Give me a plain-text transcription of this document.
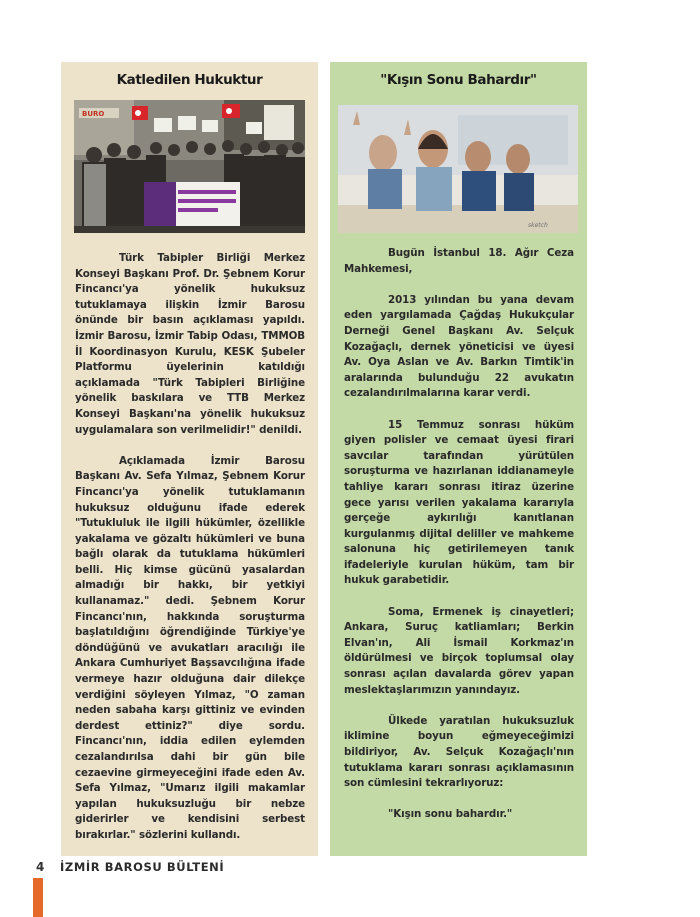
Katledilen Hukuktur
BURO

Türk Tabipler Birliği Merkez Konseyi Başkanı Prof. Dr. Şebnem Korur Fincancı'ya yönelik hukuksuz tutuklamaya ilişkin İzmir Barosu önünde bir basın açıklaması yapıldı. İzmir Barosu, İzmir Tabip Odası, TMMOB İl Koordinasyon Kurulu, KESK Şubeler Platformu üyelerinin katıldığı açıklamada "Türk Tabipleri Birliğine yönelik baskılara ve TTB Merkez Konseyi Başkanı'na yönelik hukuksuz uygulamalara son verilmelidir!" denildi.

Açıklamada İzmir Barosu Başkanı Av. Sefa Yılmaz, Şebnem Korur Fincancı'ya yönelik tutuklamanın hukuksuz olduğunu ifade ederek "Tutukluluk ile ilgili hükümler, özellikle yakalama ve gözaltı hükümleri ve buna bağlı olarak da tutuklama hükümleri belli. Hiç kimse gücünü yasalardan almadığı bir hakkı, bir yetkiyi kullanamaz." dedi. Şebnem Korur Fincancı'nın, hakkında soruşturma başlatıldığını öğrendiğinde Türkiye'ye döndüğünü ve avukatları aracılığı ile Ankara Cumhuriyet Başsavcılığına ifade vermeye hazır olduğuna dair dilekçe verdiğini söyleyen Yılmaz, "O zaman neden sabaha karşı gittiniz ve evinden derdest ettiniz?" diye sordu. Fincancı'nın, iddia edilen eylemden cezalandırılsa dahi bir gün bile cezaevine girmeyeceğini ifade eden Av. Sefa Yılmaz, "Umarız ilgili makamlar yapılan hukuksuzluğu bir nebze giderirler ve kendisini serbest bırakırlar." sözlerini kullandı.

"Kışın Sonu Bahardır"
sketch

Bugün İstanbul 18. Ağır Ceza Mahkemesi,

2013 yılından bu yana devam eden yargılamada Çağdaş Hukukçular Derneği Genel Başkanı Av. Selçuk Kozağaçlı, dernek yöneticisi ve üyesi Av. Oya Aslan ve Av. Barkın Timtik'in aralarında bulunduğu 22 avukatın cezalandırılmalarına karar verdi.

15 Temmuz sonrası hüküm giyen polisler ve cemaat üyesi firari savcılar tarafından yürütülen soruşturma ve hazırlanan iddianameyle tahliye kararı sonrası itiraz üzerine gece yarısı verilen yakalama kararıyla gerçeğe aykırılığı kanıtlanan kurgulanmış dijital deliller ve mahkeme salonuna hiç getirilemeyen tanık ifadeleriyle kurulan hüküm, tam bir hukuk garabetidir.

Soma, Ermenek iş cinayetleri; Ankara, Suruç katliamları; Berkin Elvan'ın, Ali İsmail Korkmaz'ın öldürülmesi ve birçok toplumsal olay sonrası açılan davalarda görev yapan meslektaşlarımızın yanındayız.

Ülkede yaratılan hukuksuzluk iklimine boyun eğmeyeceğimizi bildiriyor, Av. Selçuk Kozağaçlı'nın tutuklama kararı sonrası açıklamasının son cümlesini tekrarlıyoruz:

"Kışın sonu bahardır."

4 İZMİR BAROSU BÜLTENİ
